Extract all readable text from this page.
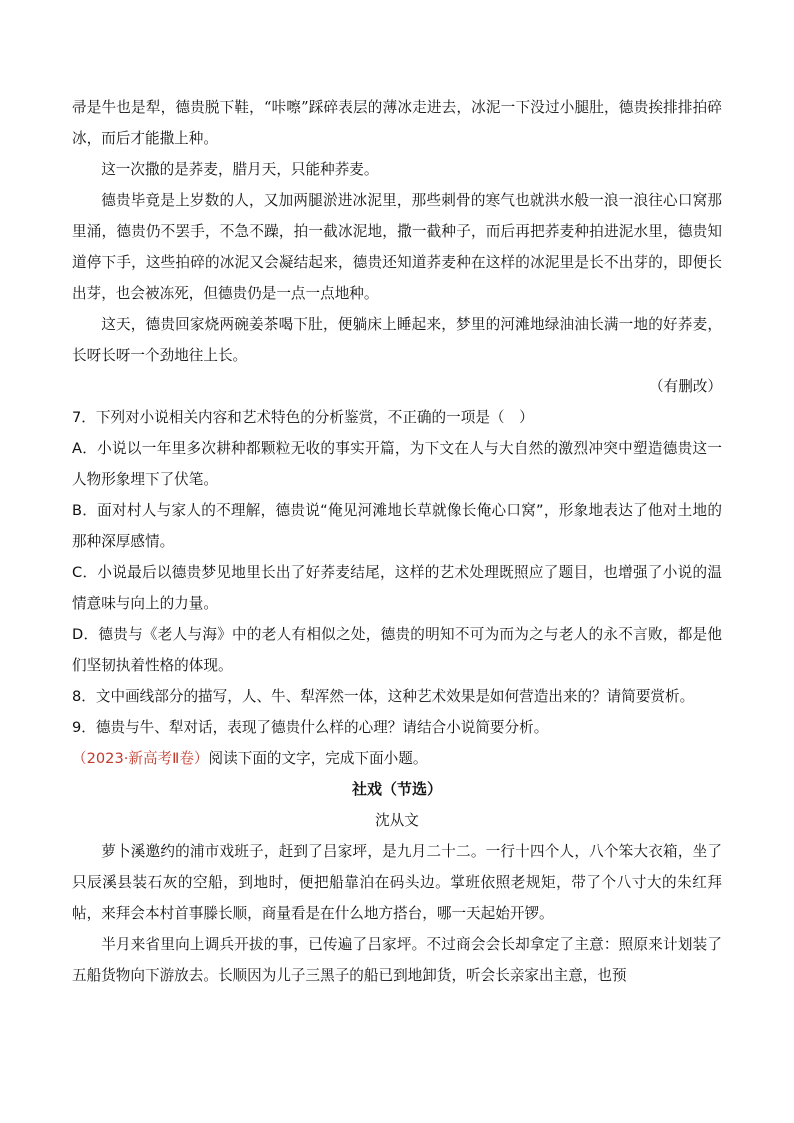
帚是牛也是犁，德贵脱下鞋，“咔嚓”踩碎表层的薄冰走进去，冰泥一下没过小腿肚，德贵挨排排拍碎冰，而后才能撒上种。

这一次撒的是荞麦，腊月天，只能种荞麦。

德贵毕竟是上岁数的人，又加两腿淤进冰泥里，那些刺骨的寒气也就洪水般一浪一浪往心口窝那里涌，德贵仍不罢手，不急不躁，拍一截冰泥地，撒一截种子，而后再把荞麦种拍进泥水里，德贵知道停下手，这些拍碎的冰泥又会凝结起来，德贵还知道荞麦种在这样的冰泥里是长不出芽的，即便长出芽，也会被冻死，但德贵仍是一点一点地种。

这天，德贵回家烧两碗姜茶喝下肚，便躺床上睡起来，梦里的河滩地绿油油长满一地的好荞麦，长呀长呀一个劲地往上长。

（有删改）

7．下列对小说相关内容和艺术特色的分析鉴赏，不正确的一项是（　）

A．小说以一年里多次耕种都颗粒无收的事实开篇，为下文在人与大自然的激烈冲突中塑造德贵这一人物形象埋下了伏笔。

B．面对村人与家人的不理解，德贵说“俺见河滩地长草就像长俺心口窝”，形象地表达了他对土地的那种深厚感情。

C．小说最后以德贵梦见地里长出了好荞麦结尾，这样的艺术处理既照应了题目，也增强了小说的温情意味与向上的力量。

D．德贵与《老人与海》中的老人有相似之处，德贵的明知不可为而为之与老人的永不言败，都是他们坚韧执着性格的体现。

8．文中画线部分的描写，人、牛、犁浑然一体，这种艺术效果是如何营造出来的？请简要赏析。

9．德贵与牛、犁对话，表现了德贵什么样的心理？请结合小说简要分析。

（2023·新高考Ⅱ卷）阅读下面的文字，完成下面小题。

社戏（节选）

沈从文

萝卜溪邀约的浦市戏班子，赶到了吕家坪，是九月二十二。一行十四个人，八个笨大衣箱，坐了只辰溪县装石灰的空船，到地时，便把船靠泊在码头边。掌班依照老规矩，带了个八寸大的朱红拜帖，来拜会本村首事滕长顺，商量看是在什么地方搭台，哪一天起始开锣。

半月来省里向上调兵开拔的事，已传遍了吕家坪。不过商会会长却拿定了主意：照原来计划装了五船货物向下游放去。长顺因为儿子三黑子的船已到地卸货，听会长亲家出主意，也预
